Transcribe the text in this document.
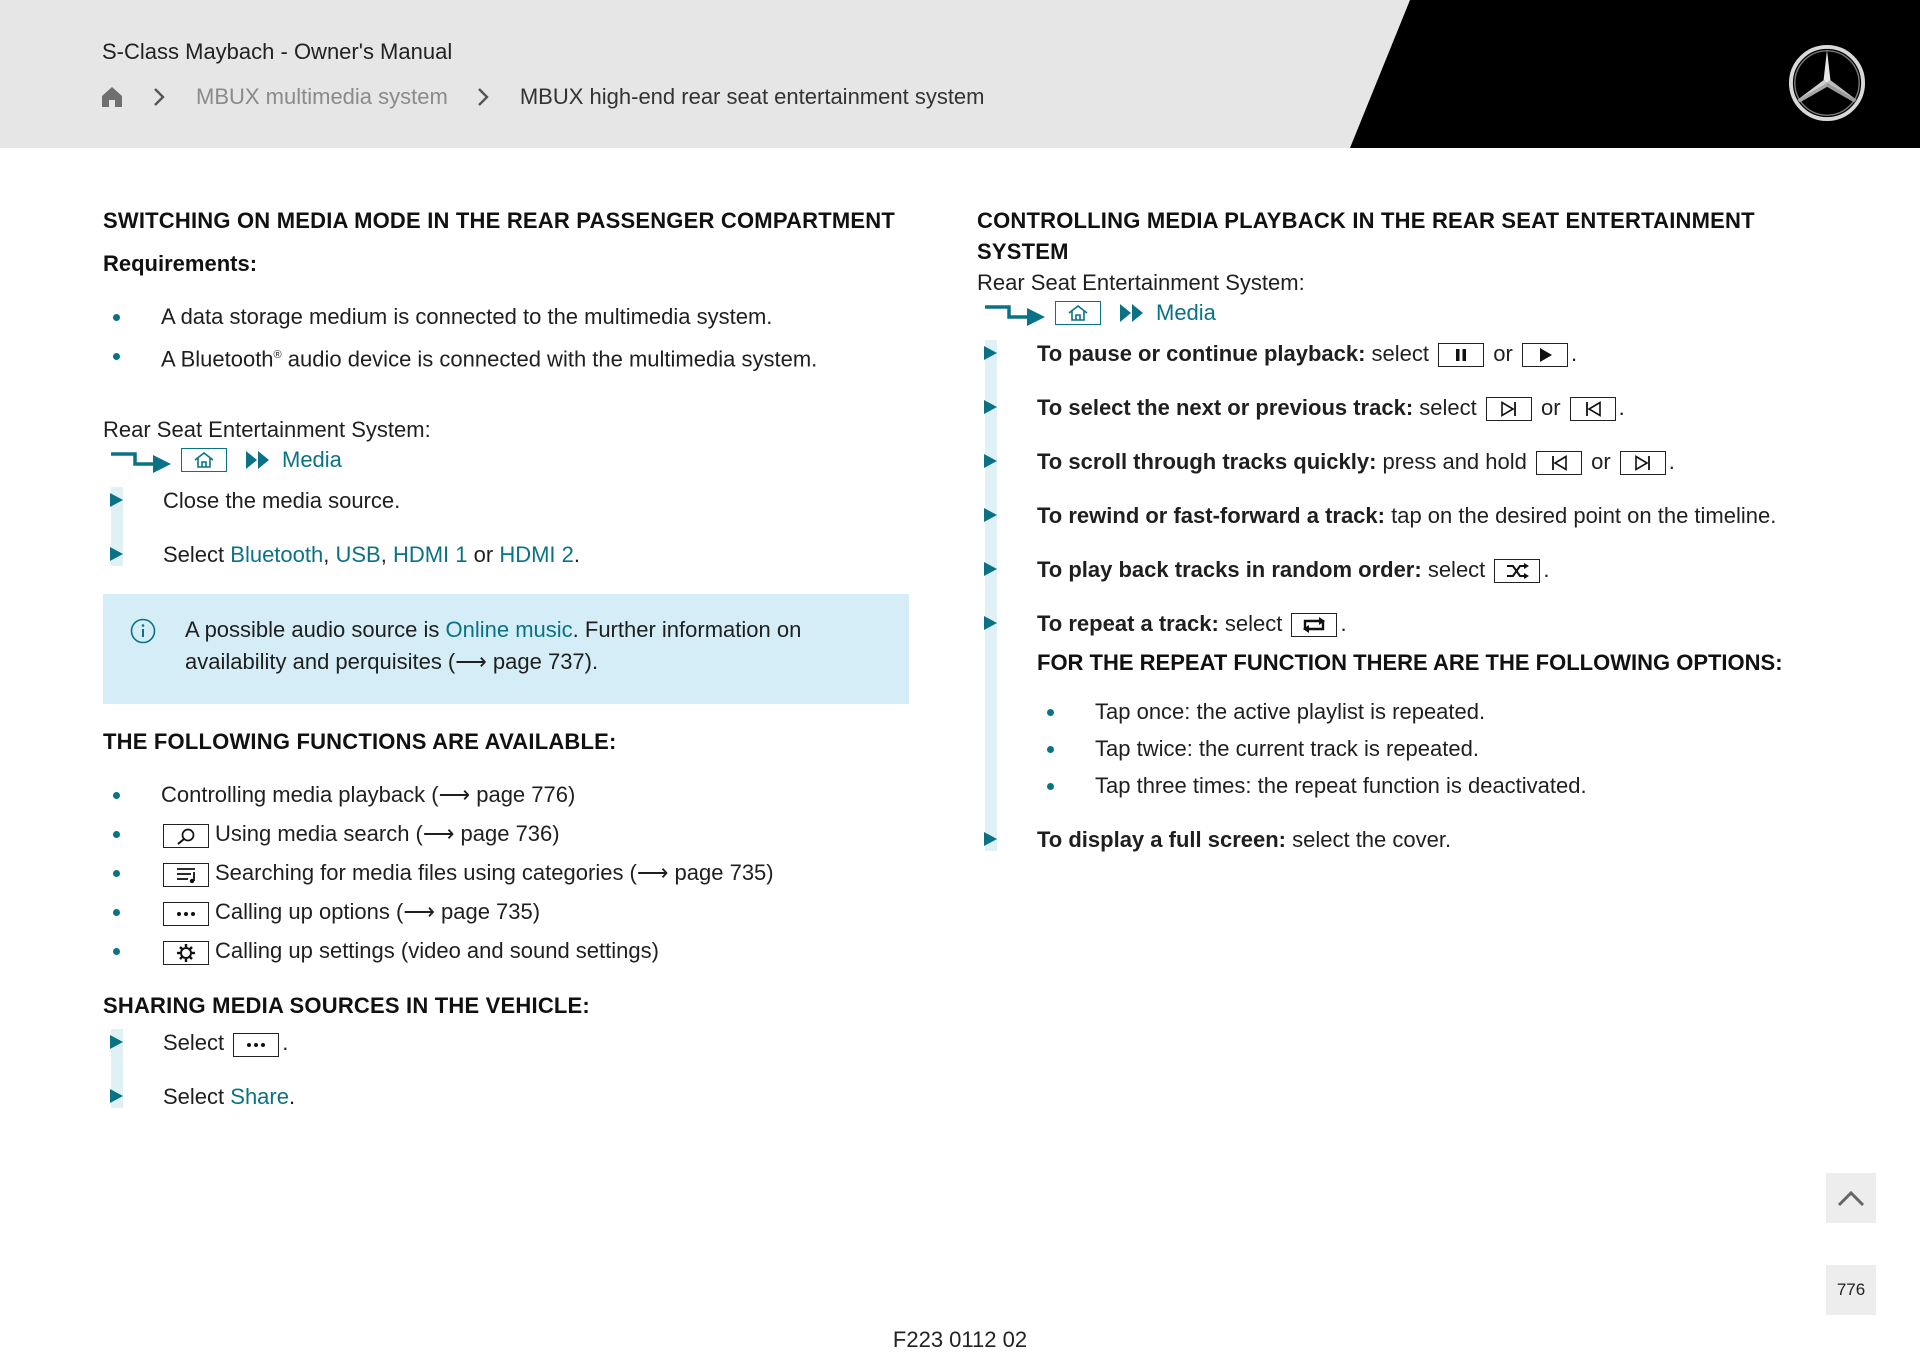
S-Class Maybach - Owner's Manual
MBUX multimedia system	MBUX high-end rear seat entertainment system
SWITCHING ON MEDIA MODE IN THE REAR PASSENGER COMPARTMENT

Requirements:

A data storage medium is connected to the multimedia system.
A Bluetooth® audio device is connected with the multimedia system.

Rear Seat Entertainment System:

Media
Close the media source.
Select Bluetooth, USB, HDMI 1 or HDMI 2.
A possible audio source is Online music. Further information on availability and perquisites (⟶ page 737).
THE FOLLOWING FUNCTIONS ARE AVAILABLE:
Controlling media playback (⟶ page 776)
Using media search (⟶ page 736)
Searching for media files using categories (⟶ page 735)
Calling up options (⟶ page 735)
Calling up settings (video and sound settings)
SHARING MEDIA SOURCES IN THE VEHICLE:
Select
.
Select Share.
CONTROLLING MEDIA PLAYBACK IN THE REAR SEAT ENTERTAINMENT SYSTEM

Rear Seat Entertainment System:

Media
To pause or continue playback: select
or
.
To select the next or previous track: select
or
.
To scroll through tracks quickly: press and hold
or
.
To rewind or fast-forward a track: tap on the desired point on the timeline.
To play back tracks in random order: select
.
To repeat a track: select
.
FOR THE REPEAT FUNCTION THERE ARE THE FOLLOWING OPTIONS:
Tap once: the active playlist is repeated.
Tap twice: the current track is repeated.
Tap three times: the repeat function is deactivated.
To display a full screen: select the cover.
776
F223 0112 02
